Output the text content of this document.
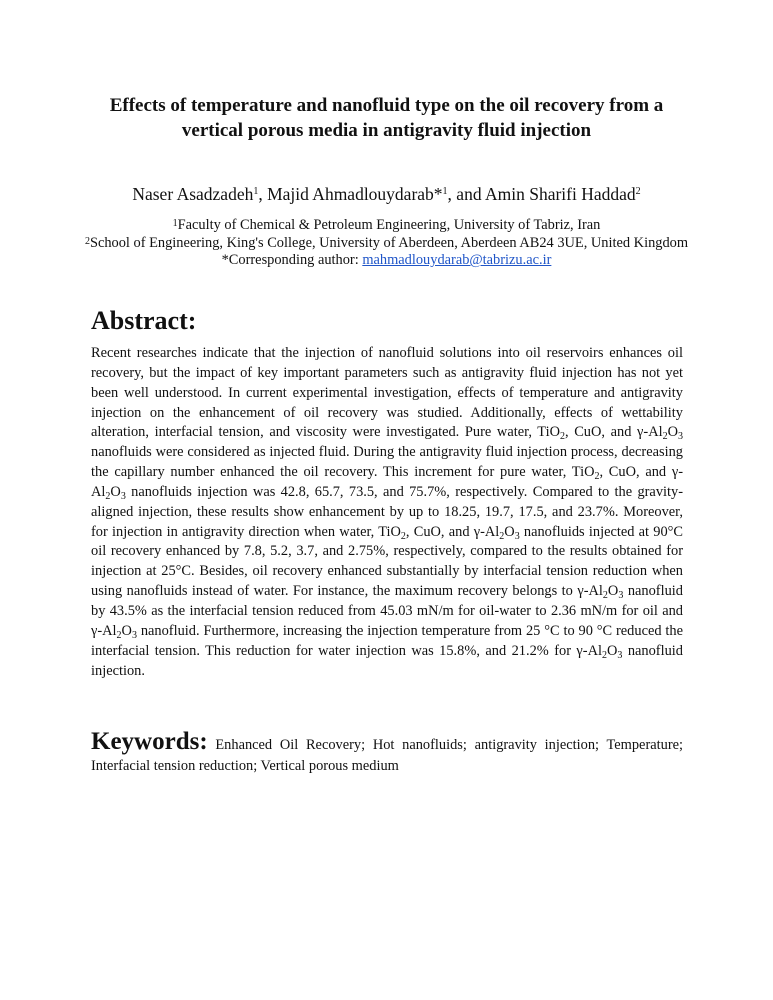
Effects of temperature and nanofluid type on the oil recovery from a
vertical porous media in antigravity fluid injection
Naser Asadzadeh$^1$, Majid Ahmadlouydarab*$^1$, and Amin Sharifi Haddad$^2$
$^1$Faculty of Chemical & Petroleum Engineering, University of Tabriz, Iran
$^2$School of Engineering, King's College, University of Aberdeen, Aberdeen AB24 3UE, United Kingdom
*Corresponding author: mahmadlouydarab@tabrizu.ac.ir
Abstract:

Recent researches indicate that the injection of nanofluid solutions into oil reservoirs enhances oil recovery, but the impact of key important parameters such as antigravity fluid injection has not yet been well understood. In current experimental investigation, effects of temperature and antigravity injection on the enhancement of oil recovery was studied. Additionally, effects of wettability alteration, interfacial tension, and viscosity were investigated. Pure water, TiO$_2$, CuO, and $\gamma-Al_2O_3$ nanofluids were considered as injected fluid. During the antigravity fluid injection process, decreasing the capillary number enhanced the oil recovery. This increment for pure water, TiO$_2$, CuO, and $\gamma-Al_2O_3$ nanofluids injection was 42.8, 65.7, 73.5, and 75.7%, respectively. Compared to the gravity-aligned injection, these results show enhancement by up to 18.25, 19.7, 17.5, and 23.7%. Moreover, for injection in antigravity direction when water, TiO$_2$, CuO, and $\gamma-Al_2O_3$ nanofluids injected at 90°C oil recovery enhanced by 7.8, 5.2, 3.7, and 2.75%, respectively, compared to the results obtained for injection at 25°C. Besides, oil recovery enhanced substantially by interfacial tension reduction when using nanofluids instead of water. For instance, the maximum recovery belongs to $\gamma-Al_2O_3$ nanofluid by 43.5% as the interfacial tension reduced from 45.03 mN/m for oil-water to 2.36 mN/m for oil and $\gamma-Al_2O_3$ nanofluid. Furthermore, increasing the injection temperature from 25 °C to 90 °C reduced the interfacial tension. This reduction for water injection was 15.8%, and 21.2% for $\gamma-Al_2O_3$ nanofluid injection.

Keywords: Enhanced Oil Recovery; Hot nanofluids; antigravity injection; Temperature; Interfacial tension reduction; Vertical porous medium
